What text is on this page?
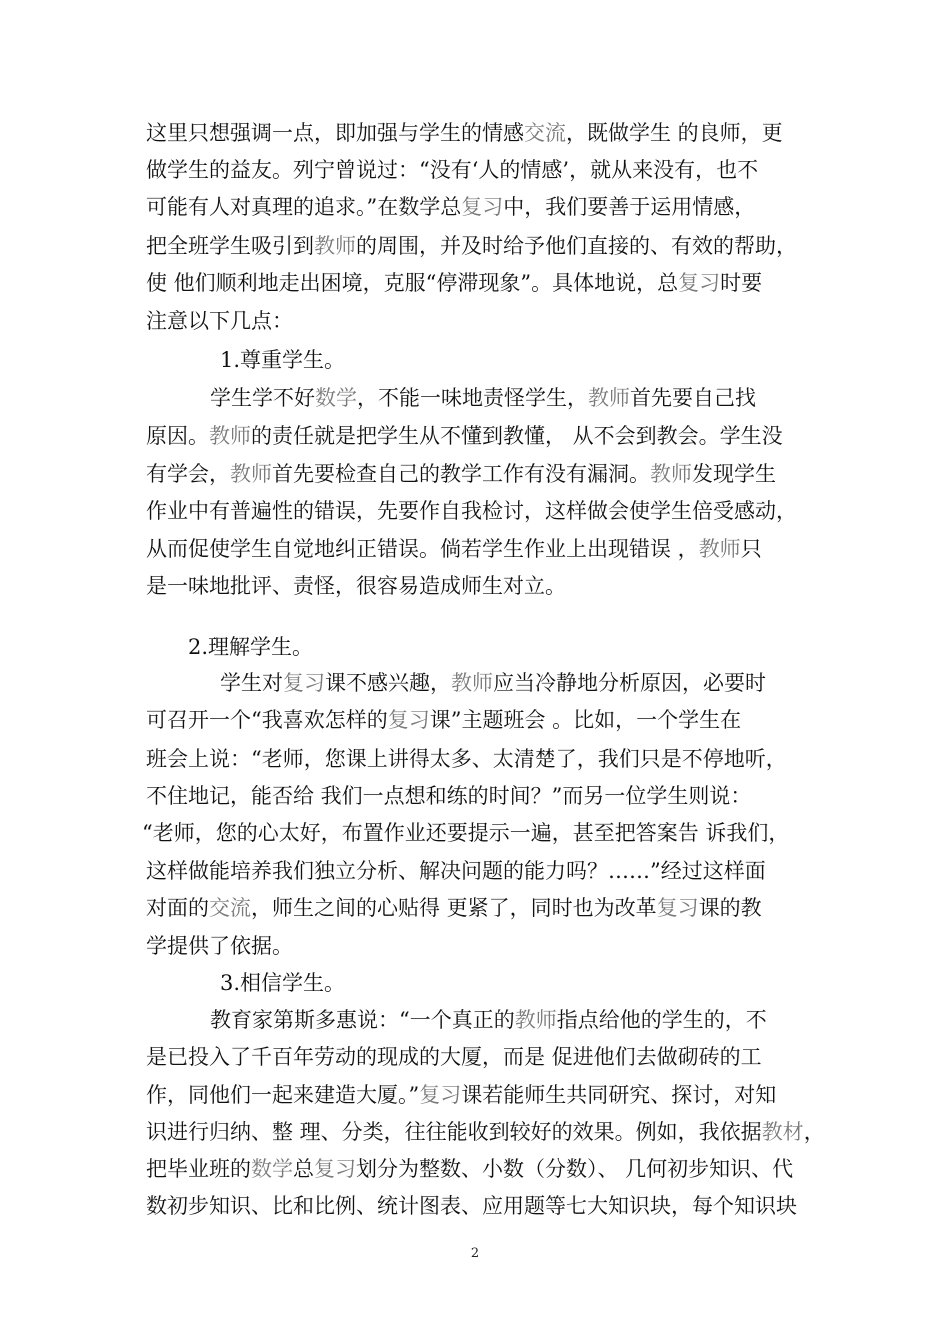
这里只想强调一点，即加强与学生的情感交流，既做学生 的良师，更
做学生的益友。列宁曾说过：“没有‘人的情感’，就从来没有，也不
可能有人对真理的追求。”在数学总复习中，我们要善于运用情感，
把全班学生吸引到教师的周围，并及时给予他们直接的、有效的帮助，
使 他们顺利地走出困境，克服“停滞现象”。具体地说，总复习时要
注意以下几点：
1.尊重学生。
学生学不好数学，不能一味地责怪学生，教师首先要自己找
原因。教师的责任就是把学生从不懂到教懂， 从不会到教会。学生没
有学会，教师首先要检查自己的教学工作有没有漏洞。教师发现学生
作业中有普遍性的错误，先要作自我检讨，这样做会使学生倍受感动，
从而促使学生自觉地纠正错误。倘若学生作业上出现错误 ，教师只
是一味地批评、责怪，很容易造成师生对立。
2.理解学生。
学生对复习课不感兴趣，教师应当冷静地分析原因，必要时
可召开一个“我喜欢怎样的复习课”主题班会 。比如，一个学生在
班会上说：“老师，您课上讲得太多、太清楚了，我们只是不停地听，
不住地记，能否给 我们一点想和练的时间？”而另一位学生则说：
“老师，您的心太好，布置作业还要提示一遍，甚至把答案告 诉我们，
这样做能培养我们独立分析、解决问题的能力吗？……”经过这样面
对面的交流，师生之间的心贴得 更紧了，同时也为改革复习课的教
学提供了依据。
3.相信学生。
教育家第斯多惠说：“一个真正的教师指点给他的学生的，不
是已投入了千百年劳动的现成的大厦，而是 促进他们去做砌砖的工
作，同他们一起来建造大厦。”复习课若能师生共同研究、探讨，对知
识进行归纳、整 理、分类，往往能收到较好的效果。例如，我依据教材，
把毕业班的数学总复习划分为整数、小数（分数）、 几何初步知识、代
数初步知识、比和比例、统计图表、应用题等七大知识块，每个知识块
2
